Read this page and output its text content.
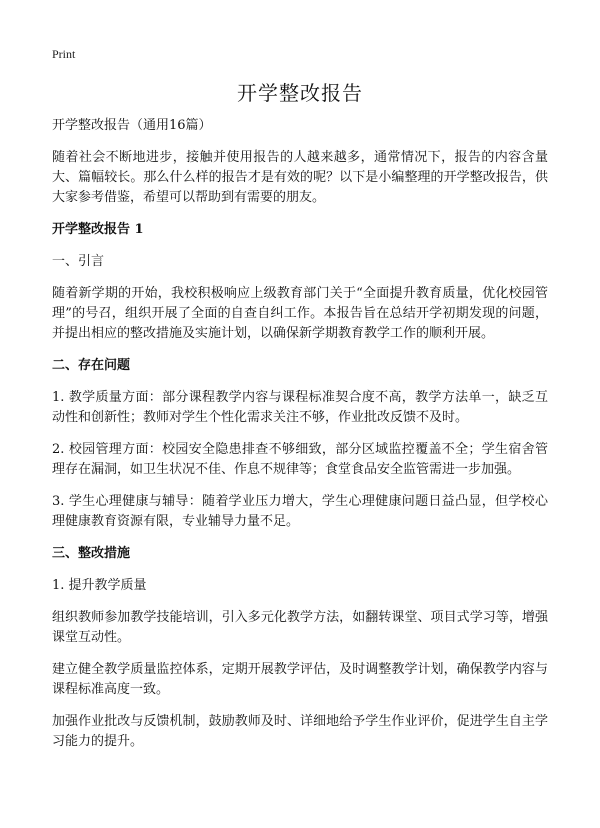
Print
开学整改报告
开学整改报告（通用16篇）

随着社会不断地进步，接触并使用报告的人越来越多，通常情况下，报告的内容含量大、篇幅较长。那么什么样的报告才是有效的呢？以下是小编整理的开学整改报告，供大家参考借鉴，希望可以帮助到有需要的朋友。

开学整改报告 1
一、引言

随着新学期的开始，我校积极响应上级教育部门关于“全面提升教育质量，优化校园管理”的号召，组织开展了全面的自查自纠工作。本报告旨在总结开学初期发现的问题，并提出相应的整改措施及实施计划，以确保新学期教育教学工作的顺利开展。

二、存在问题

1. 教学质量方面：部分课程教学内容与课程标准契合度不高，教学方法单一，缺乏互动性和创新性；教师对学生个性化需求关注不够，作业批改反馈不及时。

2. 校园管理方面：校园安全隐患排查不够细致，部分区域监控覆盖不全；学生宿舍管理存在漏洞，如卫生状况不佳、作息不规律等；食堂食品安全监管需进一步加强。

3. 学生心理健康与辅导：随着学业压力增大，学生心理健康问题日益凸显，但学校心理健康教育资源有限，专业辅导力量不足。

三、整改措施
1. 提升教学质量

组织教师参加教学技能培训，引入多元化教学方法，如翻转课堂、项目式学习等，增强课堂互动性。

建立健全教学质量监控体系，定期开展教学评估，及时调整教学计划，确保教学内容与课程标准高度一致。

加强作业批改与反馈机制，鼓励教师及时、详细地给予学生作业评价，促进学生自主学习能力的提升。
